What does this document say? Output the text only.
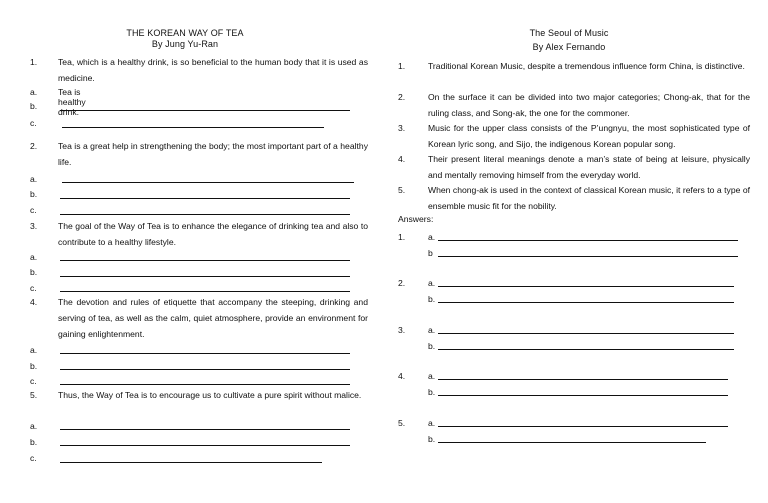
THE KOREAN WAY OF TEA
By Jung Yu-Ran
1. Tea, which is a healthy drink, is so beneficial to the human body that it is used as medicine.
a. Tea is healthy drink.
b.
c.
2. Tea is a great help in strengthening the body; the most important part of a healthy life.
a.
b.
c.
3. The goal of the Way of Tea is to enhance the elegance of drinking tea and also to contribute to a healthy lifestyle.
a.
b.
c.
4. The devotion and rules of etiquette that accompany the steeping, drinking and serving of tea, as well as the calm, quiet atmosphere, provide an environment for gaining enlightenment.
a.
b.
c.
5. Thus, the Way of Tea is to encourage us to cultivate a pure spirit without malice.
a.
b.
c.
The Seoul of Music
By Alex Fernando
1.	Traditional Korean Music, despite a tremendous influence form China, is distinctive.
2.	On the surface it can be divided into two major categories; Chong-ak, that for the ruling class, and Song-ak, the one for the commoner.
3.	Music for the upper class consists of the P’ungnyu, the most sophisticated type of Korean lyric song, and Sijo, the indigenous Korean popular song.
4.	Their present literal meanings denote a man’s state of being at leisure, physically and mentally removing himself from the everyday world.
5.	When chong-ak is used in the context of classical Korean music, it refers to a type of ensemble music fit for the nobility.
Answers:
1.	a.
b
2.	a.
b.
3.	a.
b.
4.	a.
b.
5.	a.
b.
